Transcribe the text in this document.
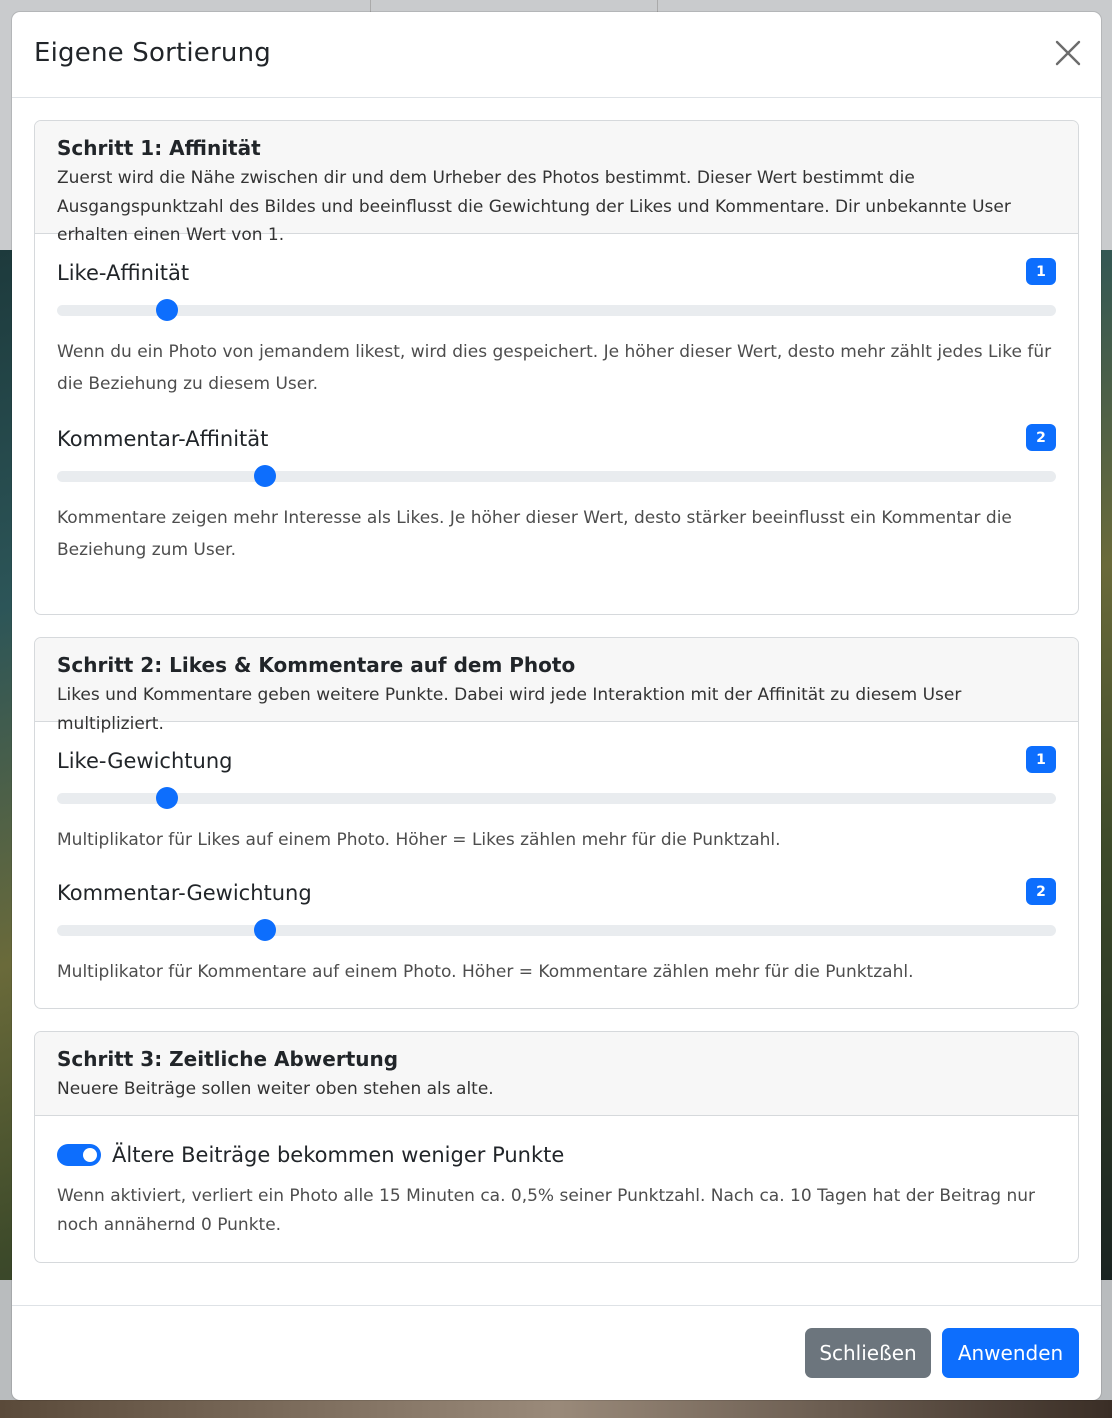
Eigene Sortierung
Schritt 1: Affinität

Zuerst wird die Nähe zwischen dir und dem Urheber des Photos bestimmt. Dieser Wert bestimmt die Ausgangspunktzahl des Bildes und beeinflusst die Gewichtung der Likes und Kommentare. Dir unbekannte User erhalten einen Wert von 1.

Like-Affinität	1
Wenn du ein Photo von jemandem likest, wird dies gespeichert. Je höher dieser Wert, desto mehr zählt jedes Like für die Beziehung zu diesem User.
Kommentar-Affinität	2
Kommentare zeigen mehr Interesse als Likes. Je höher dieser Wert, desto stärker beeinflusst ein Kommentar die Beziehung zum User.
Schritt 2: Likes & Kommentare auf dem Photo

Likes und Kommentare geben weitere Punkte. Dabei wird jede Interaktion mit der Affinität zu diesem User multipliziert.

Like-Gewichtung	1
Multiplikator für Likes auf einem Photo. Höher = Likes zählen mehr für die Punktzahl.
Kommentar-Gewichtung	2
Multiplikator für Kommentare auf einem Photo. Höher = Kommentare zählen mehr für die Punktzahl.
Schritt 3: Zeitliche Abwertung

Neuere Beiträge sollen weiter oben stehen als alte.

Ältere Beiträge bekommen weniger Punkte
Wenn aktiviert, verliert ein Photo alle 15 Minuten ca. 0,5% seiner Punktzahl. Nach ca. 10 Tagen hat der Beitrag nur noch annähernd 0 Punkte.
Schließen	Anwenden
